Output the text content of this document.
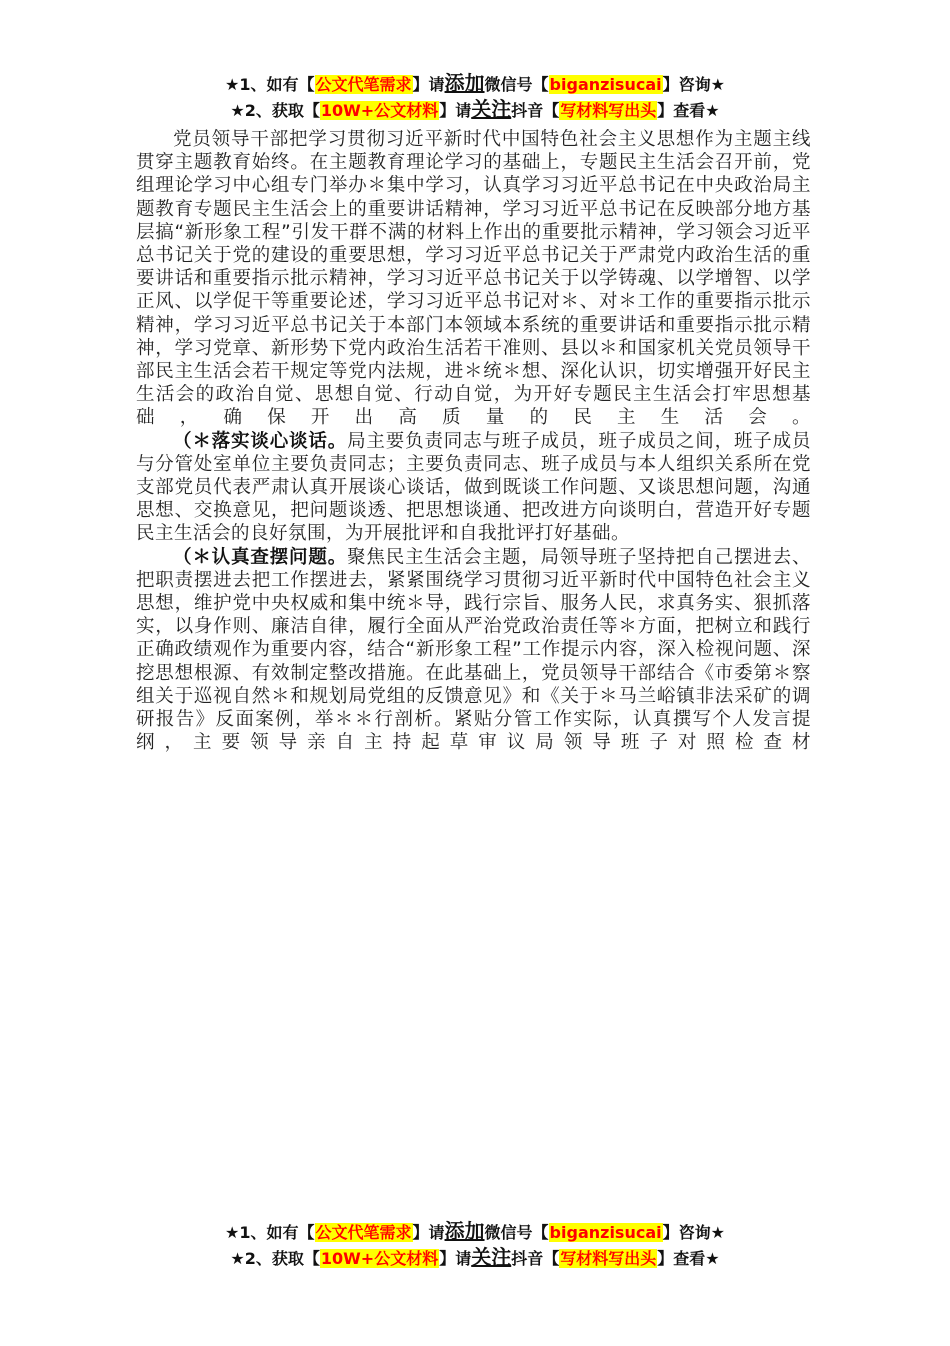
★1、如有【公文代笔需求】请添加微信号【biganzisucai】咨询★
★2、获取【10W+公文材料】请关注抖音【写材料写出头】查看★

党员领导干部把学习贯彻习近平新时代中国特色社会主义思想作为主题主线贯穿主题教育始终。在主题教育理论学习的基础上，专题民主生活会召开前，党组理论学习中心组专门举办＊集中学习，认真学习习近平总书记在中央政治局主题教育专题民主生活会上的重要讲话精神，学习习近平总书记在反映部分地方基层搞“新形象工程”引发干群不满的材料上作出的重要批示精神，学习领会习近平总书记关于党的建设的重要思想，学习习近平总书记关于严肃党内政治生活的重要讲话和重要指示批示精神，学习习近平总书记关于以学铸魂、以学增智、以学正风、以学促干等重要论述，学习习近平总书记对＊、对＊工作的重要指示批示精神，学习习近平总书记关于本部门本领域本系统的重要讲话和重要指示批示精神，学习党章、新形势下党内政治生活若干准则、县以＊和国家机关党员领导干部民主生活会若干规定等党内法规，进＊统＊想、深化认识，切实增强开好民主生活会的政治自觉、思想自觉、行动自觉，为开好专题民主生活会打牢思想基础，确保开出高质量的民主生活会。

（＊落实谈心谈话。局主要负责同志与班子成员，班子成员之间，班子成员与分管处室单位主要负责同志；主要负责同志、班子成员与本人组织关系所在党支部党员代表严肃认真开展谈心谈话，做到既谈工作问题、又谈思想问题，沟通思想、交换意见，把问题谈透、把思想谈通、把改进方向谈明白，营造开好专题民主生活会的良好氛围，为开展批评和自我批评打好基础。

（＊认真查摆问题。聚焦民主生活会主题，局领导班子坚持把自己摆进去、把职责摆进去把工作摆进去，紧紧围绕学习贯彻习近平新时代中国特色社会主义思想，维护党中央权威和集中统＊导，践行宗旨、服务人民，求真务实、狠抓落实，以身作则、廉洁自律，履行全面从严治党政治责任等＊方面，把树立和践行正确政绩观作为重要内容，结合“新形象工程”工作提示内容，深入检视问题、深挖思想根源、有效制定整改措施。在此基础上，党员领导干部结合《市委第＊察组关于巡视自然＊和规划局党组的反馈意见》和《关于＊马兰峪镇非法采矿的调研报告》反面案例，举＊＊行剖析。紧贴分管工作实际，认真撰写个人发言提纲，主要领导亲自主持起草审议局领导班子对照检查材

★1、如有【公文代笔需求】请添加微信号【biganzisucai】咨询★
★2、获取【10W+公文材料】请关注抖音【写材料写出头】查看★
